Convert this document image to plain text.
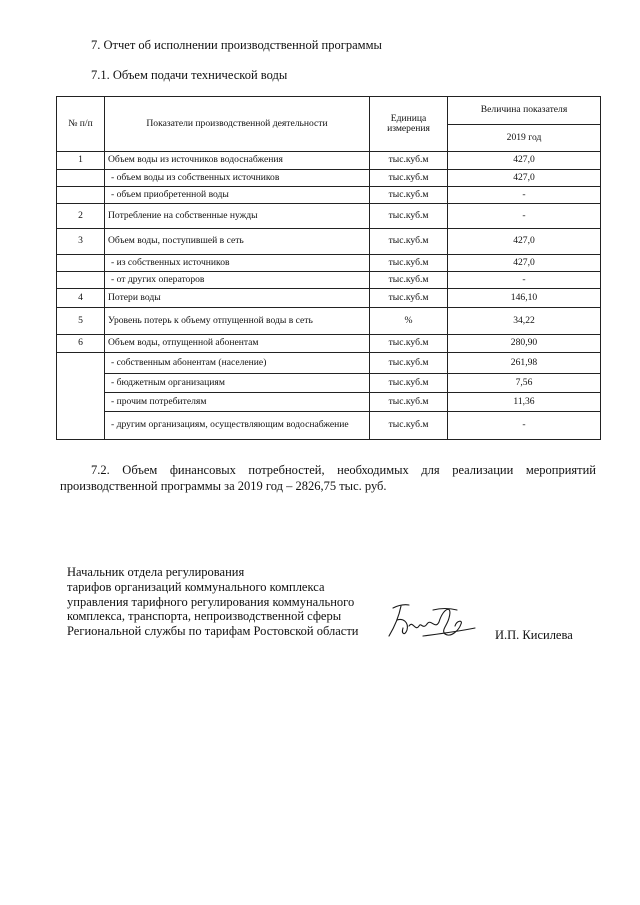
7. Отчет об исполнении производственной программы
7.1. Объем подачи технической воды
№ п/п	Показатели производственной деятельности	Единица измерения	Величина показателя
			2019 год
1	Объем воды из источников водоснабжения	тыс.куб.м	427,0
	- объем воды из собственных источников	тыс.куб.м	427,0
	- объем приобретенной воды	тыс.куб.м	-
2	Потребление на собственные нужды	тыс.куб.м	-
3	Объем воды, поступившей в сеть	тыс.куб.м	427,0
	- из собственных источников	тыс.куб.м	427,0
	- от других операторов	тыс.куб.м	-
4	Потери воды	тыс.куб.м	146,10
5	Уровень потерь к объему отпущенной воды в сеть	%	34,22
6	Объем воды, отпущенной абонентам	тыс.куб.м	280,90
	- собственным абонентам (население)	тыс.куб.м	261,98
	- бюджетным организациям	тыс.куб.м	7,56
	- прочим потребителям	тыс.куб.м	11,36
	- другим организациям, осуществляющим водоснабжение	тыс.куб.м	-
7.2. Объем финансовых потребностей, необходимых для реализации мероприятий производственной программы за 2019 год – 2826,75 тыс. руб.
Начальник отдела регулирования
тарифов организаций коммунального комплекса
управления тарифного регулирования коммунального
комплекса, транспорта, непроизводственной сферы
Региональной службы по тарифам Ростовской области	И.П. Кисилева
